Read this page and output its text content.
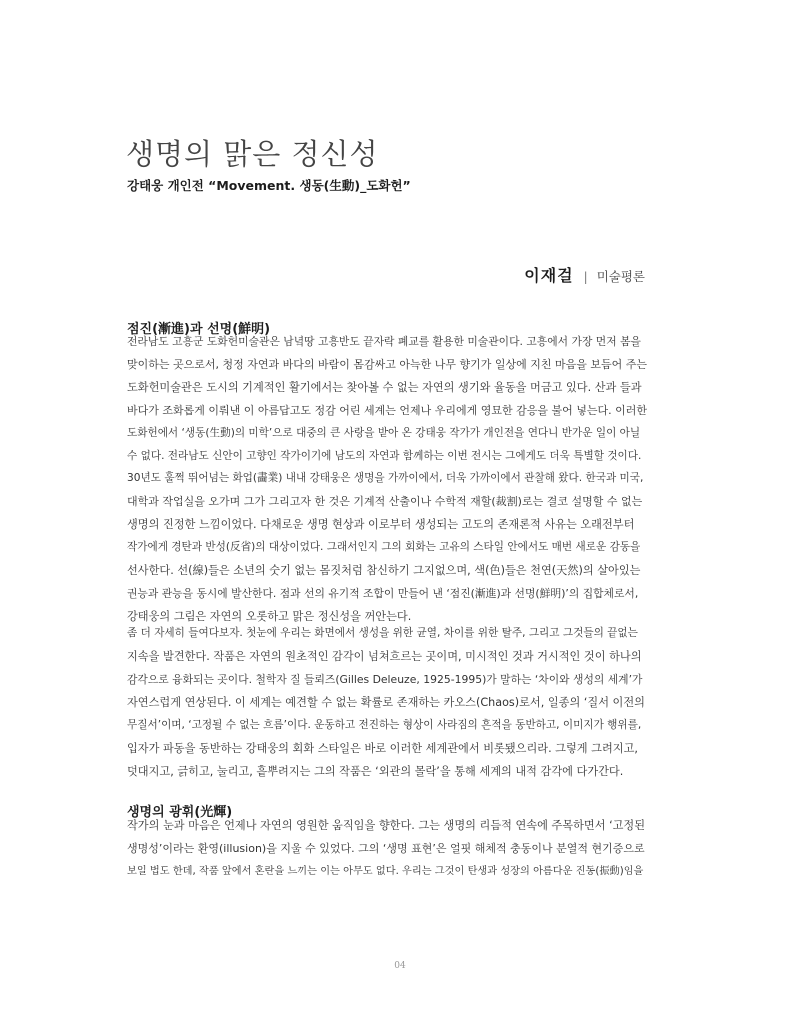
생명의 맑은 정신성

강태웅 개인전 “Movement. 생동(生動)_도화헌”

이재걸 | 미술평론
점진(漸進)과 선명(鮮明)
전라남도 고흥군 도화헌미술관은 남녘땅 고흥반도 끝자락 폐교를 활용한 미술관이다. 고흥에서 가장 먼저 봄을
맞이하는 곳으로서, 청정 자연과 바다의 바람이 몸감싸고 아늑한 나무 향기가 일상에 지친 마음을 보듬어 주는
도화헌미술관은 도시의 기계적인 활기에서는 찾아볼 수 없는 자연의 생기와 율동을 머금고 있다. 산과 들과
바다가 조화롭게 이뤄낸 이 아름답고도 정감 어린 세계는 언제나 우리에게 영묘한 감응을 불어 넣는다. 이러한
도화헌에서 ‘생동(生動)의 미학’으로 대중의 큰 사랑을 받아 온 강태웅 작가가 개인전을 연다니 반가운 일이 아닐
수 없다. 전라남도 신안이 고향인 작가이기에 남도의 자연과 함께하는 이번 전시는 그에게도 더욱 특별할 것이다.
30년도 훌쩍 뛰어넘는 화업(畵業) 내내 강태웅은 생명을 가까이에서, 더욱 가까이에서 관찰해 왔다. 한국과 미국,
대학과 작업실을 오가며 그가 그리고자 한 것은 기계적 산출이나 수학적 재할(裁割)로는 결코 설명할 수 없는
생명의 진정한 느낌이었다. 다채로운 생명 현상과 이로부터 생성되는 고도의 존재론적 사유는 오래전부터
작가에게 경탄과 반성(反省)의 대상이었다. 그래서인지 그의 회화는 고유의 스타일 안에서도 매번 새로운 감동을
선사한다. 선(線)들은 소년의 숫기 없는 몸짓처럼 참신하기 그지없으며, 색(色)들은 천연(天然)의 살아있는
권능과 관능을 동시에 발산한다. 점과 선의 유기적 조합이 만들어 낸 ‘점진(漸進)과 선명(鮮明)’의 집합체로서,
강태웅의 그림은 자연의 오롯하고 맑은 정신성을 꺼안는다.
좀 더 자세히 들여다보자. 첫눈에 우리는 화면에서 생성을 위한 균열, 차이를 위한 탈주, 그리고 그것들의 끝없는
지속을 발견한다. 작품은 자연의 원초적인 감각이 넘쳐흐르는 곳이며, 미시적인 것과 거시적인 것이 하나의
감각으로 융화되는 곳이다. 철학자 질 들뢰즈(Gilles Deleuze, 1925-1995)가 말하는 ‘차이와 생성의 세계’가
자연스럽게 연상된다. 이 세계는 예견할 수 없는 확률로 존재하는 카오스(Chaos)로서, 일종의 ‘질서 이전의
무질서’이며, ‘고정될 수 없는 흐름’이다. 운동하고 전진하는 형상이 사라짐의 흔적을 동반하고, 이미지가 행위를,
입자가 파동을 동반하는 강태웅의 회화 스타일은 바로 이러한 세계관에서 비롯됐으리라. 그렇게 그려지고,
덧대지고, 긁히고, 눌리고, 흩뿌려지는 그의 작품은 ‘외관의 몰락’을 통해 세계의 내적 감각에 다가간다.
생명의 광휘(光輝)
작가의 눈과 마음은 언제나 자연의 영원한 움직임을 향한다. 그는 생명의 리듬적 연속에 주목하면서 ‘고정된
생명성’이라는 환영(illusion)을 지울 수 있었다. 그의 ‘생명 표현’은 얼핏 해체적 충동이나 분열적 현기증으로
보일 법도 한데, 작품 앞에서 혼란을 느끼는 이는 아무도 없다. 우리는 그것이 탄생과 성장의 아름다운 진동(振動)임을
04
